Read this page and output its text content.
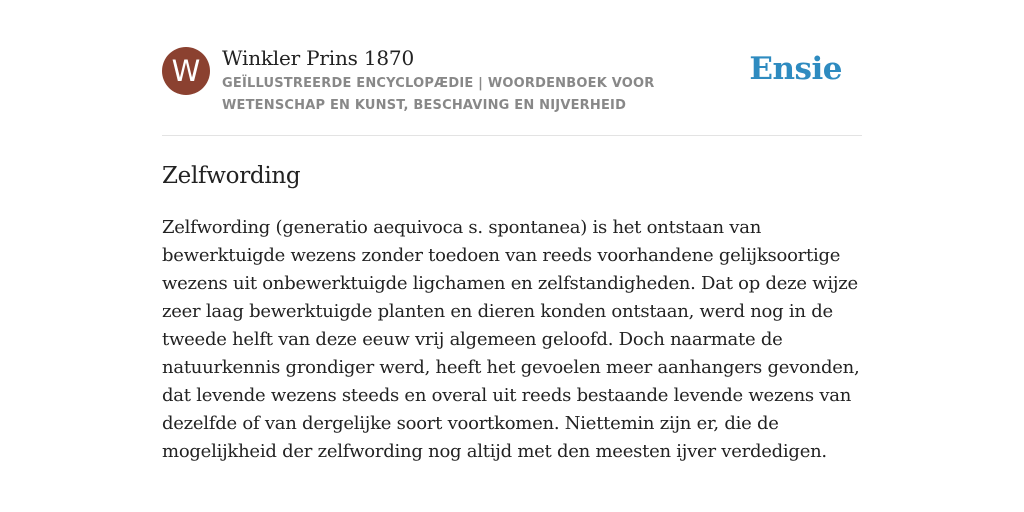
W	Winkler Prins 1870
GEÏLLUSTREERDE ENCYCLOPÆDIE | WOORDENBOEK VOOR WETENSCHAP EN KUNST, BESCHAVING EN NIJVERHEID
Ensie
Zelfwording
Zelfwording (generatio aequivoca s. spontanea) is het ontstaan van bewerktuigde wezens zonder toedoen van reeds voorhandene gelijksoortige wezens uit onbewerktuigde ligchamen en zelfstandigheden. Dat op deze wijze zeer laag bewerktuigde planten en dieren konden ontstaan, werd nog in de tweede helft van deze eeuw vrij algemeen geloofd. Doch naarmate de natuurkennis grondiger werd, heeft het gevoelen meer aanhangers gevonden, dat levende wezens steeds en overal uit reeds bestaande levende wezens van dezelfde of van dergelijke soort voortkomen. Niettemin zijn er, die de mogelijkheid der zelfwording nog altijd met den meesten ijver verdedigen.
